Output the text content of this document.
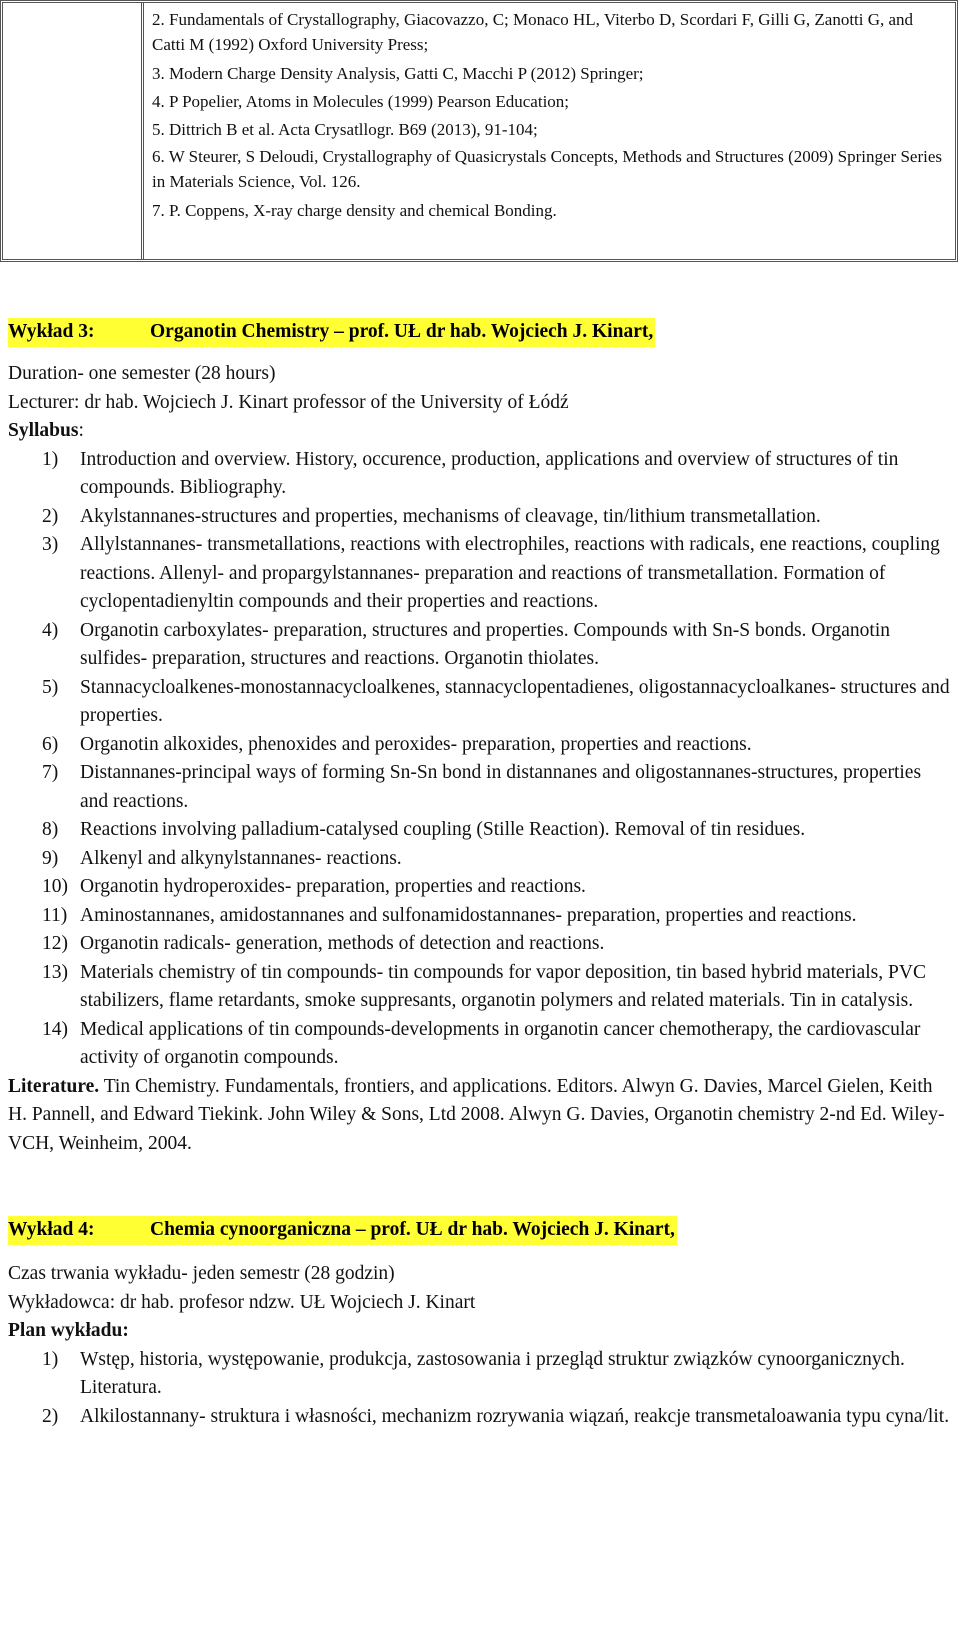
2. Fundamentals of Crystallography, Giacovazzo, C; Monaco HL, Viterbo D, Scordari F, Gilli G, Zanotti G, and Catti M (1992) Oxford University Press;

3. Modern Charge Density Analysis, Gatti C, Macchi P (2012) Springer;

4. P Popelier, Atoms in Molecules (1999) Pearson Education;

5. Dittrich B et al. Acta Crysatllogr. B69 (2013), 91-104;

6. W Steurer, S Deloudi, Crystallography of Quasicrystals Concepts, Methods and Structures (2009) Springer Series in Materials Science, Vol. 126.

7. P. Coppens, X-ray charge density and chemical Bonding.

Wykład 3:	Organotin Chemistry – prof. UŁ dr hab. Wojciech J. Kinart,

Duration- one semester (28 hours)

Lecturer: dr hab. Wojciech J. Kinart professor of the University of Łódź

Syllabus:

1) Introduction and overview. History, occurence, production, applications and overview of structures of tin compounds. Bibliography.
2) Akylstannanes-structures and properties, mechanisms of cleavage, tin/lithium transmetallation.
3) Allylstannanes- transmetallations, reactions with electrophiles, reactions with radicals, ene reactions, coupling reactions. Allenyl- and propargylstannanes- preparation and reactions of transmetallation. Formation of cyclopentadienyltin compounds and their properties and reactions.
4) Organotin carboxylates- preparation, structures and properties. Compounds with Sn-S bonds. Organotin sulfides- preparation, structures and reactions. Organotin thiolates.
5) Stannacycloalkenes-monostannacycloalkenes, stannacyclopentadienes, oligostannacycloalkanes- structures and properties.
6) Organotin alkoxides, phenoxides and peroxides- preparation, properties and reactions.
7) Distannanes-principal ways of forming Sn-Sn bond in distannanes and oligostannanes-structures, properties and reactions.
8) Reactions involving palladium-catalysed coupling (Stille Reaction). Removal of tin residues.
9) Alkenyl and alkynylstannanes- reactions.
10) Organotin hydroperoxides- preparation, properties and reactions.
11) Aminostannanes, amidostannanes and sulfonamidostannanes- preparation, properties and reactions.
12) Organotin radicals- generation, methods of detection and reactions.
13) Materials chemistry of tin compounds- tin compounds for vapor deposition, tin based hybrid materials, PVC stabilizers, flame retardants, smoke suppresants, organotin polymers and related materials. Tin in catalysis.
14) Medical applications of tin compounds-developments in organotin cancer chemotherapy, the cardiovascular activity of organotin compounds.

Literature. Tin Chemistry. Fundamentals, frontiers, and applications. Editors. Alwyn G. Davies, Marcel Gielen, Keith H. Pannell, and Edward Tiekink. John Wiley & Sons, Ltd 2008. Alwyn G. Davies, Organotin chemistry 2-nd Ed. Wiley-VCH, Weinheim, 2004.

Wykład 4:	Chemia cynoorganiczna – prof. UŁ dr hab. Wojciech J. Kinart,

Czas trwania wykładu- jeden semestr (28 godzin)

Wykładowca: dr hab. profesor ndzw. UŁ Wojciech J. Kinart

Plan wykładu:

1) Wstęp, historia, występowanie, produkcja, zastosowania i przegląd struktur związków cynoorganicznych. Literatura.
2) Alkilostannany- struktura i własności, mechanizm rozrywania wiązań, reakcje transmetaloawania typu cyna/lit.
